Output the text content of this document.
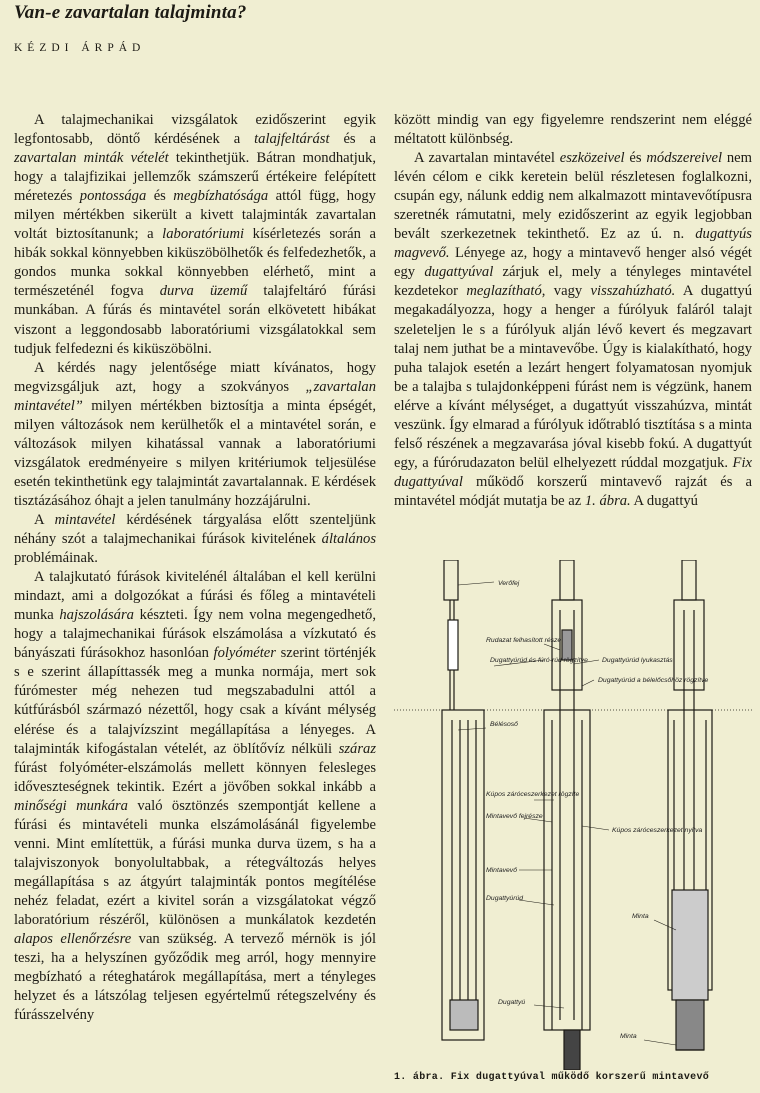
Van-e zavartalan talajminta?
KÉZDI ÁRPÁD

A talajmechanikai vizsgálatok ezidőszerint egyik legfontosabb, döntő kérdésének a talajfeltárást és a zavartalan minták vételét tekinthetjük. Bátran mondhatjuk, hogy a talajfizikai jellemzők számszerű értékeire felépített méretezés pontossága és megbízhatósága attól függ, hogy milyen mértékben sikerült a kivett talajminták zavartalan voltát biztosítanunk; a laboratóriumi kísérletezés során a hibák sokkal könnyebben kiküszöbölhetők és felfedezhetők, a gondos munka sokkal könnyebben elérhető, mint a természeténél fogva durva üzemű talajfeltáró fúrási munkában. A fúrás és mintavétel során elkövetett hibákat viszont a leggondosabb laboratóriumi vizsgálatokkal sem tudjuk felfedezni és kiküszöbölni.

A kérdés nagy jelentősége miatt kívánatos, hogy megvizsgáljuk azt, hogy a szokványos „zavartalan mintavétel” milyen mértékben biztosítja a minta épségét, milyen változások nem kerülhetők el a mintavétel során, e változások milyen kihatással vannak a laboratóriumi vizsgálatok eredményeire s milyen kritériumok teljesülése esetén tekinthetünk egy talajmintát zavartalannak. E kérdések tisztázásához óhajt a jelen tanulmány hozzájárulni.

A mintavétel kérdésének tárgyalása előtt szenteljünk néhány szót a talajmechanikai fúrások kivitelének általános problémáinak.

A talajkutató fúrások kivitelénél általában el kell kerülni mindazt, ami a dolgozókat a fúrási és főleg a mintavételi munka hajszolására készteti. Így nem volna megengedhető, hogy a talajmechanikai fúrások elszámolása a vízkutató és bányászati fúrásokhoz hasonlóan folyóméter szerint történjék s e szerint állapíttassék meg a munka normája, mert sok fúrómester még nehezen tud megszabadulni attól a kútfúrásból származó nézettől, hogy csak a kívánt mélység elérése és a talajvízszint megállapítása a lényeges. A talajminták kifogástalan vételét, az öblítővíz nélküli száraz fúrást folyóméter-elszámolás mellett könnyen felesleges időveszteségnek tekintik. Ezért a jövőben sokkal inkább a minőségi munkára való ösztönzés szempontját kellene a fúrási és mintavételi munka elszámolásánál figyelembe venni. Mint említettük, a fúrási munka durva üzem, s ha a talajviszonyok bonyolultabbak, a rétegváltozás helyes megállapítása s az átgyúrt talajminták pontos megítélése nehéz feladat, ezért a kivitel során a vizsgálatokat végző laboratórium részéről, különösen a munkálatok kezdetén alapos ellenőrzésre van szükség. A tervező mérnök is jól teszi, ha a helyszínen győződik meg arról, hogy mennyire megbízható a réteghatárok megállapítása, mert a tényleges helyzet és a látszólag teljesen egyértelmű rétegszelvény és fúrásszelvény

között mindig van egy figyelemre rendszerint nem eléggé méltatott különbség.

A zavartalan mintavétel eszközeivel és módszereivel nem lévén célom e cikk keretein belül részletesen foglalkozni, csupán egy, nálunk eddig nem alkalmazott mintavevőtípusra szeretnék rámutatni, mely ezidőszerint az egyik legjobban bevált szerkezetnek tekinthető. Ez az ú. n. dugattyús magvevő. Lényege az, hogy a mintavevő henger alsó végét egy dugattyúval zárjuk el, mely a tényleges mintavétel kezdetekor meglazítható, vagy visszahúzható. A dugattyú megakadályozza, hogy a henger a fúrólyuk faláról talajt szeleteljen le s a fúrólyuk alján lévő kevert és megzavart talaj nem juthat be a mintavevőbe. Úgy is kialakítható, hogy puha talajok esetén a lezárt hengert folyamatosan nyomjuk be a talajba s tulajdonképpeni fúrást nem is végzünk, hanem elérve a kívánt mélységet, a dugattyút visszahúzva, mintát veszünk. Így elmarad a fúrólyuk időtrabló tisztítása s a minta felső részének a megzavarása jóval kisebb fokú. A dugattyút egy, a fúrórudazaton belül elhelyezett rúddal mozgatjuk. Fix dugattyúval működő korszerű mintavevő rajzát és a mintavétel módját mutatja be az 1. ábra. A dugattyú

Verőfej
Rudazat felhasított része
Dugattyúrúd és fúró-rúd rögzítve Dugattyúrúd lyukasztás
Dugattyúrúd a bélelőcsőhöz rögzítve
Bélésoső
Kúpos záróceszerkezet rögzíte
Mintavevő fejrésze
Kúpos záróceszerkezet nyitva
Mintavevő
Dugattyúrúd
Minta
Dugattyú
Minta
1. ábra. Fix dugattyúval működő korszerű mintavevő
